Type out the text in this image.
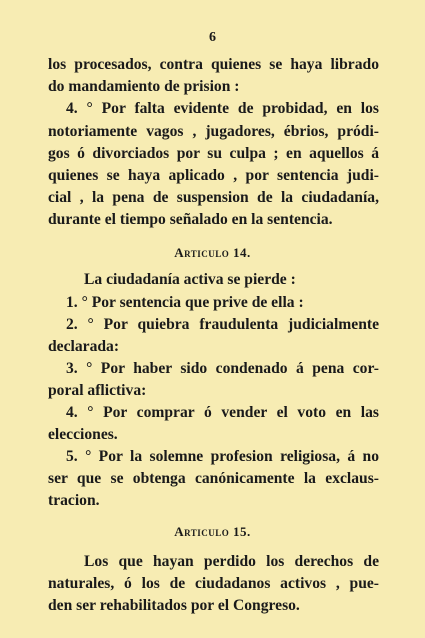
6
los procesados, contra quienes se haya librado
do mandamiento de prision :
4. ° Por falta evidente de probidad, en los
notoriamente vagos , jugadores, ébrios, pródi-
gos ó divorciados por su culpa ; en aquellos á
quienes se haya aplicado , por sentencia judi-
cial , la pena de suspension de la ciudadanía,
durante el tiempo señalado en la sentencia.
Articulo 14.
La ciudadanía activa se pierde :
1. ° Por sentencia que prive de ella :
2. ° Por quiebra fraudulenta judicialmente
declarada:
3. ° Por haber sido condenado á pena cor-
poral aflictiva:
4. ° Por comprar ó vender el voto en las
elecciones.
5. ° Por la solemne profesion religiosa, á no
ser que se obtenga canónicamente la exclaus-
tracion.
Articulo 15.
Los que hayan perdido los derechos de
naturales, ó los de ciudadanos activos , pue-
den ser rehabilitados por el Congreso.
